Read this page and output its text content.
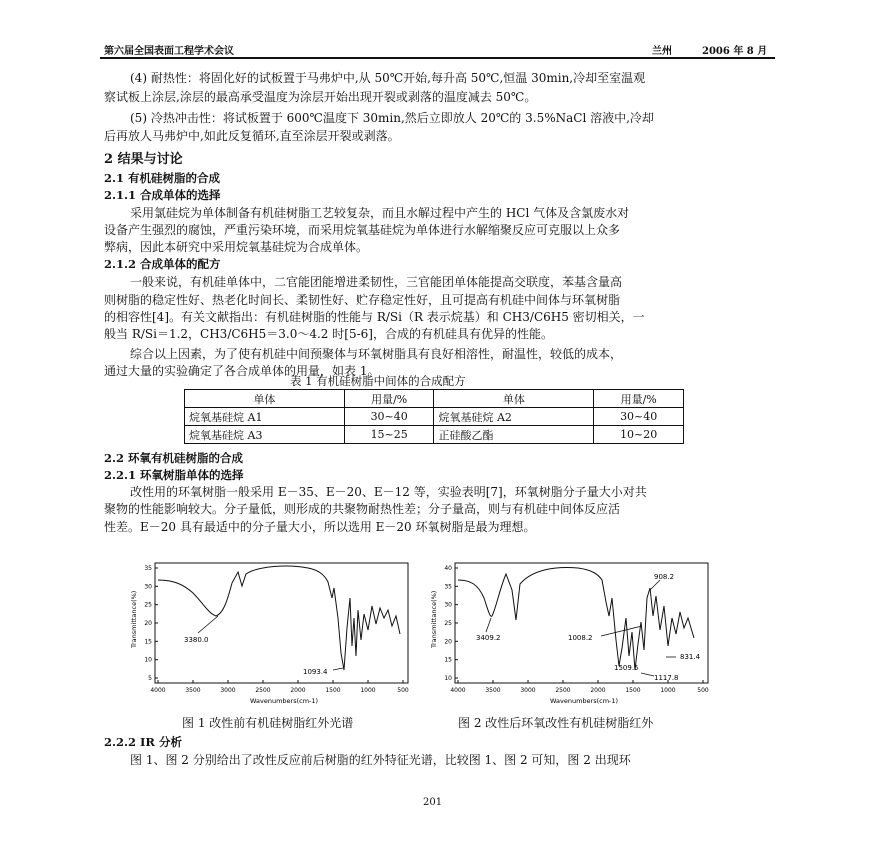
第六届全国表面工程学术会议	兰州	2006 年 8 月
(4) 耐热性：将固化好的试板置于马弗炉中,从 50℃开始,每升高 50℃,恒温 30min,冷却至室温观
察试板上涂层,涂层的最高承受温度为涂层开始出现开裂或剥落的温度减去 50℃。
(5) 冷热冲击性：将试板置于 600℃温度下 30min,然后立即放人 20℃的 3.5%NaCl 溶液中,冷却
后再放人马弗炉中,如此反复循环,直至涂层开裂或剥落。
2 结果与讨论
2.1 有机硅树脂的合成
2.1.1 合成单体的选择
采用氯硅烷为单体制备有机硅树脂工艺较复杂，而且水解过程中产生的 HCl 气体及含氯废水对
设备产生强烈的腐蚀，严重污染环境，而采用烷氧基硅烷为单体进行水解缩聚反应可克服以上众多
弊病，因此本研究中采用烷氧基硅烷为合成单体。
2.1.2 合成单体的配方
一般来说，有机硅单体中，二官能团能增进柔韧性，三官能团单体能提高交联度，苯基含量高
则树脂的稳定性好、热老化时间长、柔韧性好、贮存稳定性好，且可提高有机硅中间体与环氧树脂
的相容性[4]。有关文献指出：有机硅树脂的性能与 R/Si（R 表示烷基）和 CH3/C6H5 密切相关，一
般当 R/Si＝1.2，CH3/C6H5＝3.0～4.2 时[5-6]，合成的有机硅具有优异的性能。
综合以上因素，为了使有机硅中间预聚体与环氧树脂具有良好相溶性，耐温性，较低的成本，
通过大量的实验确定了各合成单体的用量，如表 1。
表 1 有机硅树脂中间体的合成配方
单体	用量/%	单体	用量/%
烷氧基硅烷 A1	30~40	烷氧基硅烷 A2	30~40
烷氧基硅烷 A3	15~25	正硅酸乙酯	10~20
2.2 环氧有机硅树脂的合成
2.2.1 环氧树脂单体的选择
改性用的环氧树脂一般采用 E－35、E－20、E－12 等，实验表明[7]，环氧树脂分子量大小对共
聚物的性能影响较大。分子量低，则形成的共聚物耐热性差；分子量高，则与有机硅中间体反应活
性差。E－20 具有最适中的分子量大小，所以选用 E－20 环氧树脂是最为理想。
35
30
25
20
15
10
5
4000	3500	3000	2500	2000	1500	1000	500
3380.0
1093.4
Transmittance(%)
Wavenumbers(cm-1)
40
35
30
25
20
15
10
4000	3500	3000	2500	2000	1500	1000	500
908.2
3409.2	1008.2
831.4
1509.5
1117.8
Transmittance(%)
Wavenumbers(cm-1)
图 1 改性前有机硅树脂红外光谱	图 2 改性后环氧改性有机硅树脂红外
2.2.2 IR 分析
图 1、图 2 分别给出了改性反应前后树脂的红外特征光谱，比较图 1、图 2 可知，图 2 出现环
201
